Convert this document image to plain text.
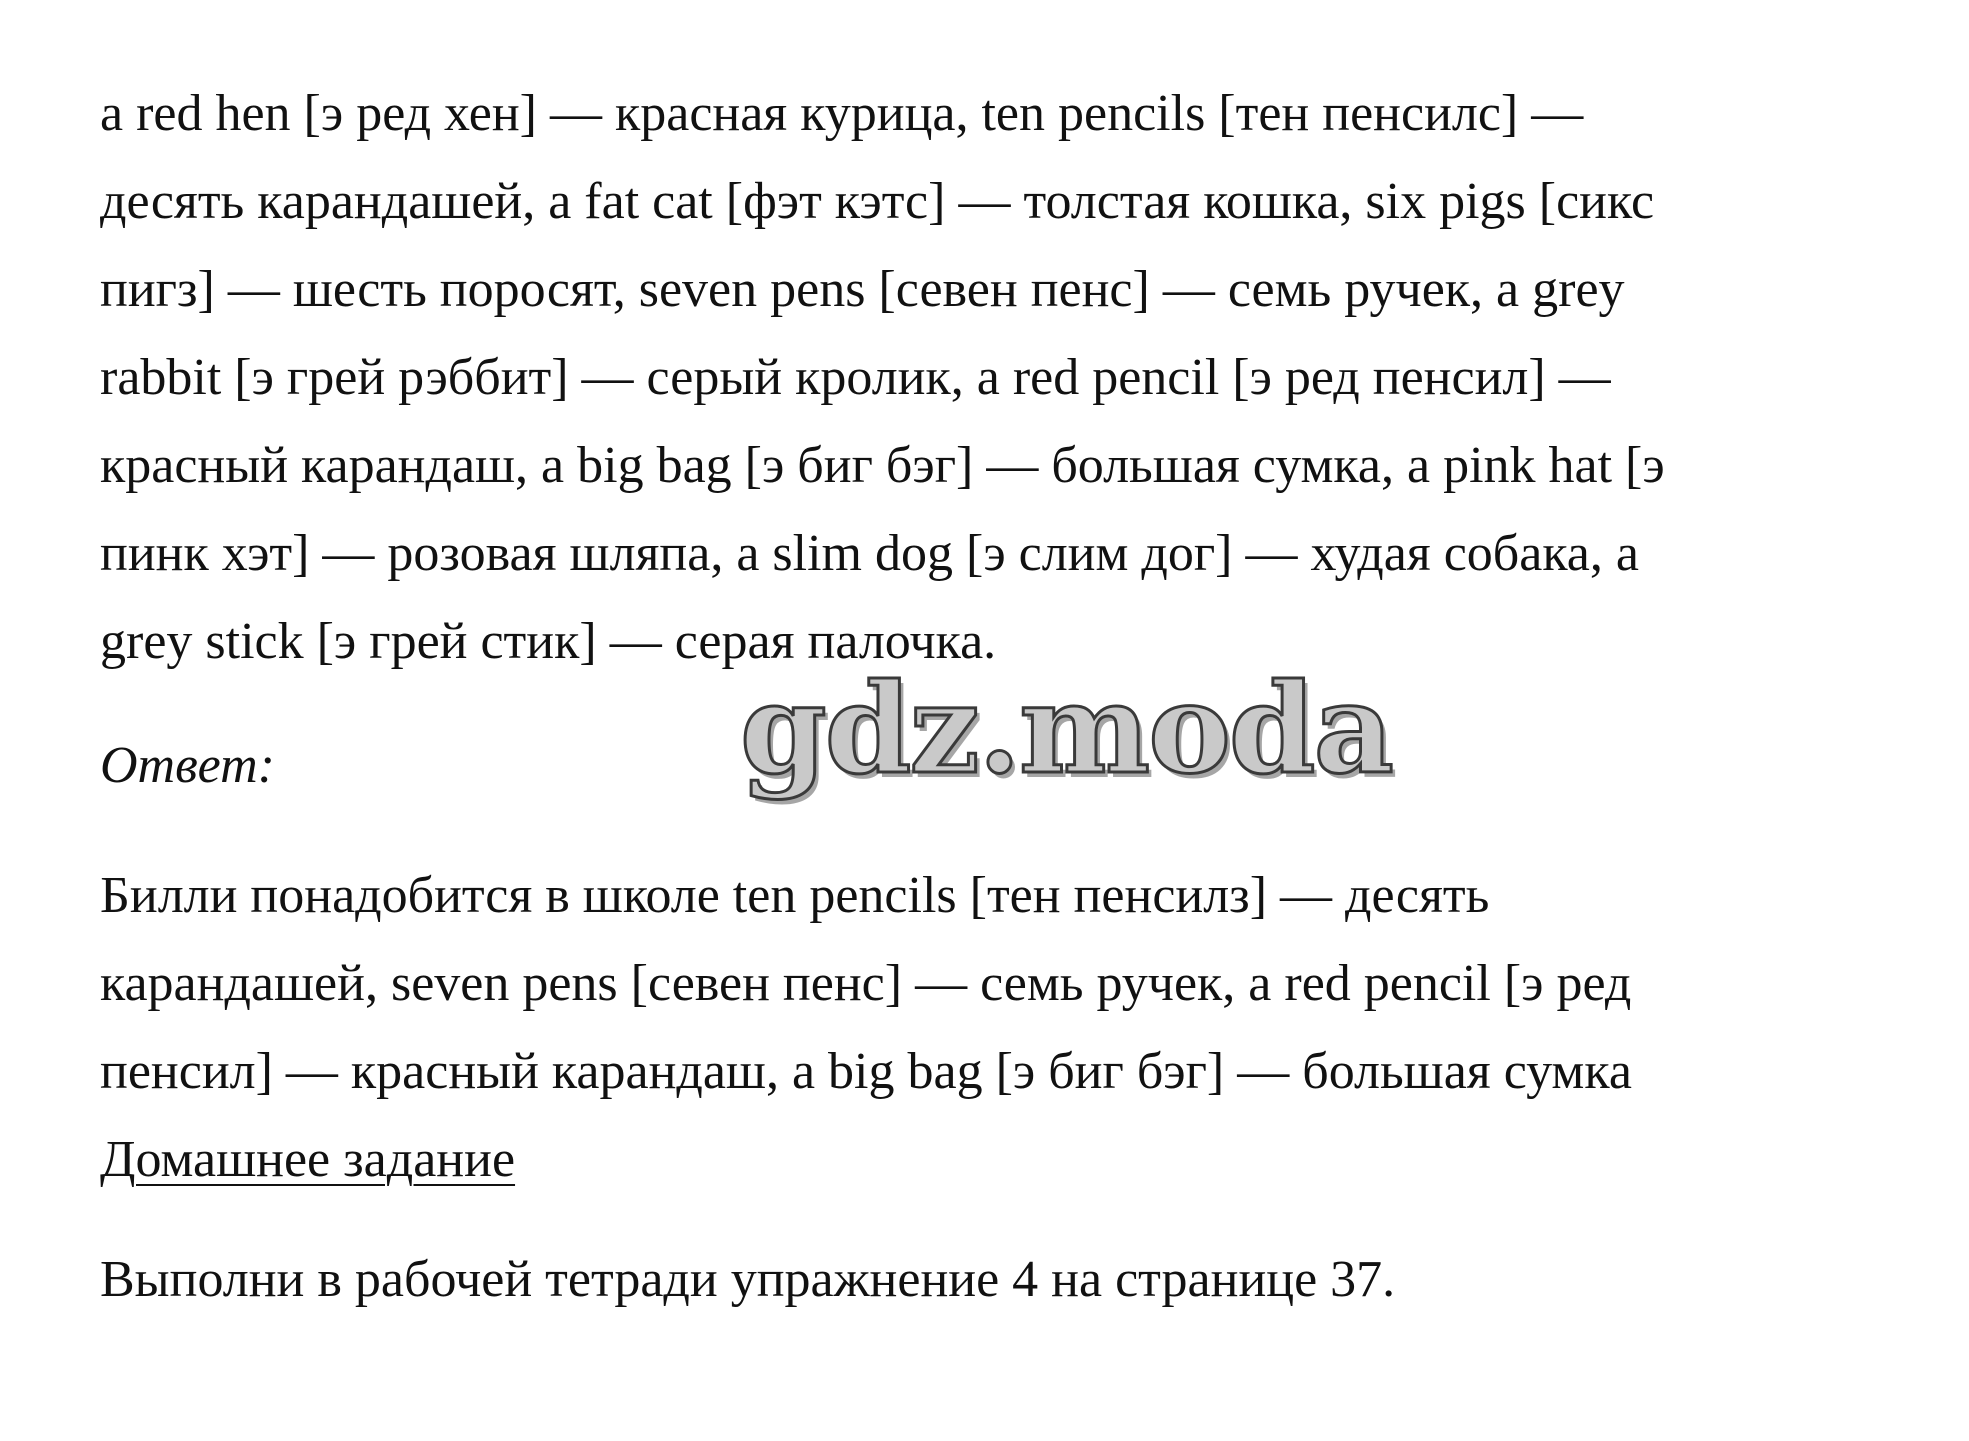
a red hen [э ред хен] — красная курица, ten pencils [тен пенсилс] —
десять карандашей, a fat cat [фэт кэтс] — толстая кошка, six pigs [сикс
пигз] — шесть поросят, seven pens [севен пенс] — семь ручек, a grey
rabbit [э грей рэббит] — серый кролик, a red pencil [э ред пенсил] —
красный карандаш, a big bag [э биг бэг] — большая сумка, a pink hat [э
пинк хэт] — розовая шляпа, a slim dog [э слим дог] — худая собака, a
grey stick [э грей стик] — серая палочка.

Ответ:	gdz.moda

Билли понадобится в школе ten pencils [тен пенсилз] — десять
карандашей, seven pens [севен пенс] — семь ручек, a red pencil [э ред
пенсил] — красный карандаш, a big bag [э биг бэг] — большая сумка

Домашнее задание

Выполни в рабочей тетради упражнение 4 на странице 37.
